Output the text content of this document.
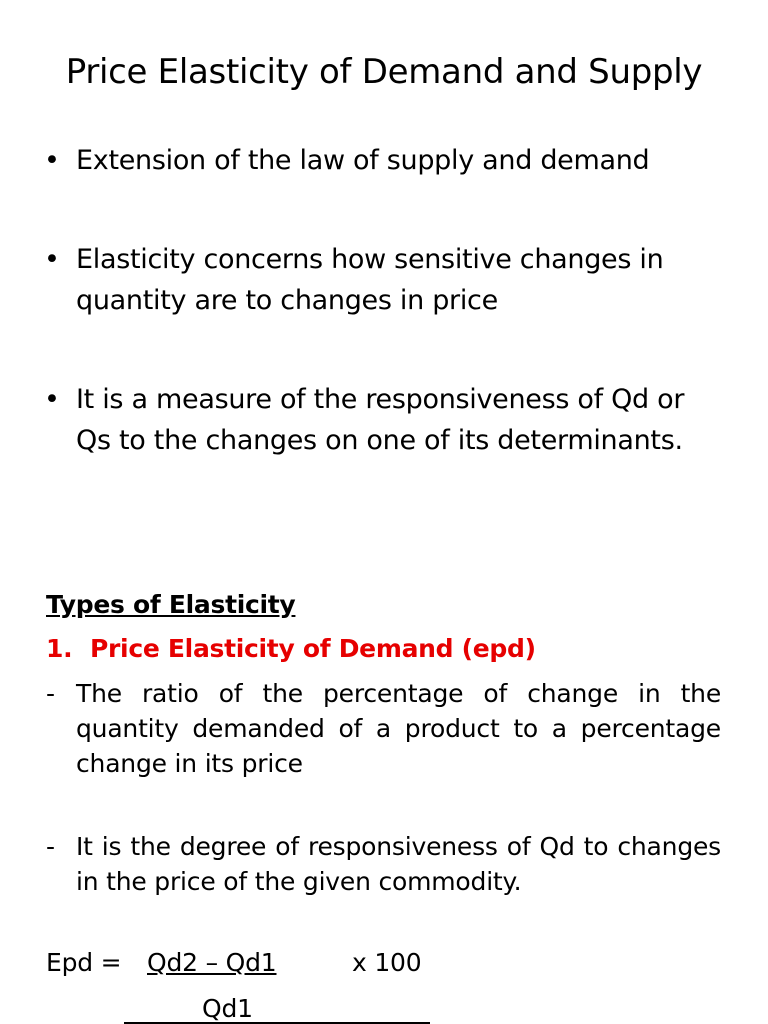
Price Elasticity of Demand and Supply
• Extension of the law of supply and demand
• Elasticity concerns how sensitive changes in quantity are to changes in price
• It is a measure of the responsiveness of Qd or Qs to the changes on one of its determinants.
Types of Elasticity
1. Price Elasticity of Demand (epd)
- The ratio of the percentage of change in the quantity demanded of a product to a percentage change in its price
- It is the degree of responsiveness of Qd to changes in the price of the given commodity.
Epd = Qd2 – Qd1	x 100
Qd1
